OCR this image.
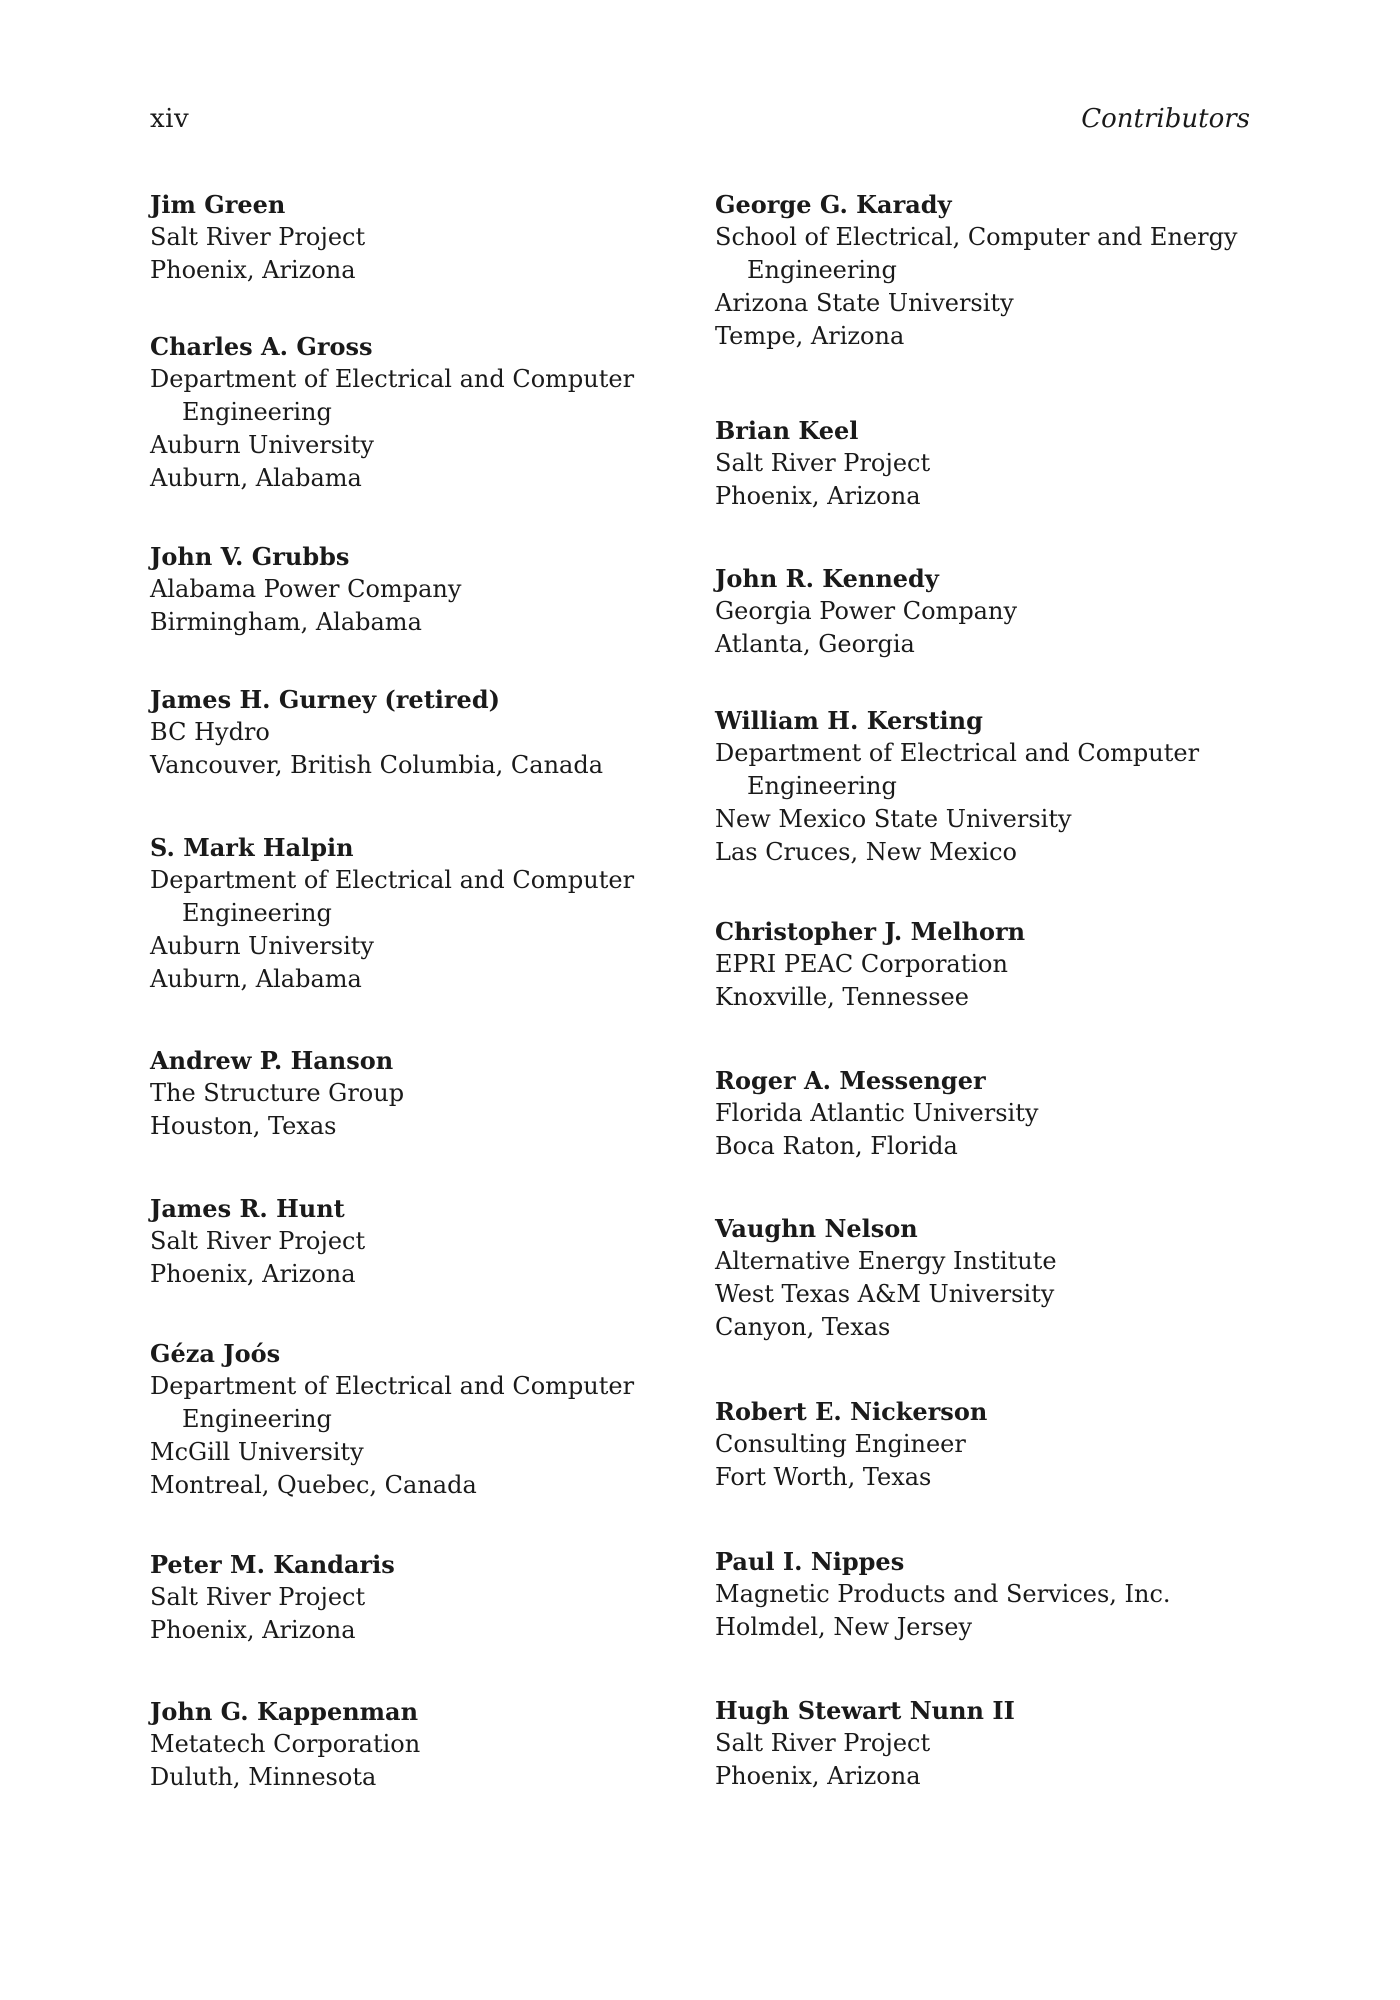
xiv	Contributors
Jim Green
Salt River Project
Phoenix, Arizona
Charles A. Gross
Department of Electrical and Computer
Engineering
Auburn University
Auburn, Alabama
John V. Grubbs
Alabama Power Company
Birmingham, Alabama
James H. Gurney (retired)
BC Hydro
Vancouver, British Columbia, Canada
S. Mark Halpin
Department of Electrical and Computer
Engineering
Auburn University
Auburn, Alabama
Andrew P. Hanson
The Structure Group
Houston, Texas
James R. Hunt
Salt River Project
Phoenix, Arizona
Géza Joós
Department of Electrical and Computer
Engineering
McGill University
Montreal, Quebec, Canada
Peter M. Kandaris
Salt River Project
Phoenix, Arizona
John G. Kappenman
Metatech Corporation
Duluth, Minnesota
George G. Karady
School of Electrical, Computer and Energy
Engineering
Arizona State University
Tempe, Arizona
Brian Keel
Salt River Project
Phoenix, Arizona
John R. Kennedy
Georgia Power Company
Atlanta, Georgia
William H. Kersting
Department of Electrical and Computer
Engineering
New Mexico State University
Las Cruces, New Mexico
Christopher J. Melhorn
EPRI PEAC Corporation
Knoxville, Tennessee
Roger A. Messenger
Florida Atlantic University
Boca Raton, Florida
Vaughn Nelson
Alternative Energy Institute
West Texas A&M University
Canyon, Texas
Robert E. Nickerson
Consulting Engineer
Fort Worth, Texas
Paul I. Nippes
Magnetic Products and Services, Inc.
Holmdel, New Jersey
Hugh Stewart Nunn II
Salt River Project
Phoenix, Arizona
